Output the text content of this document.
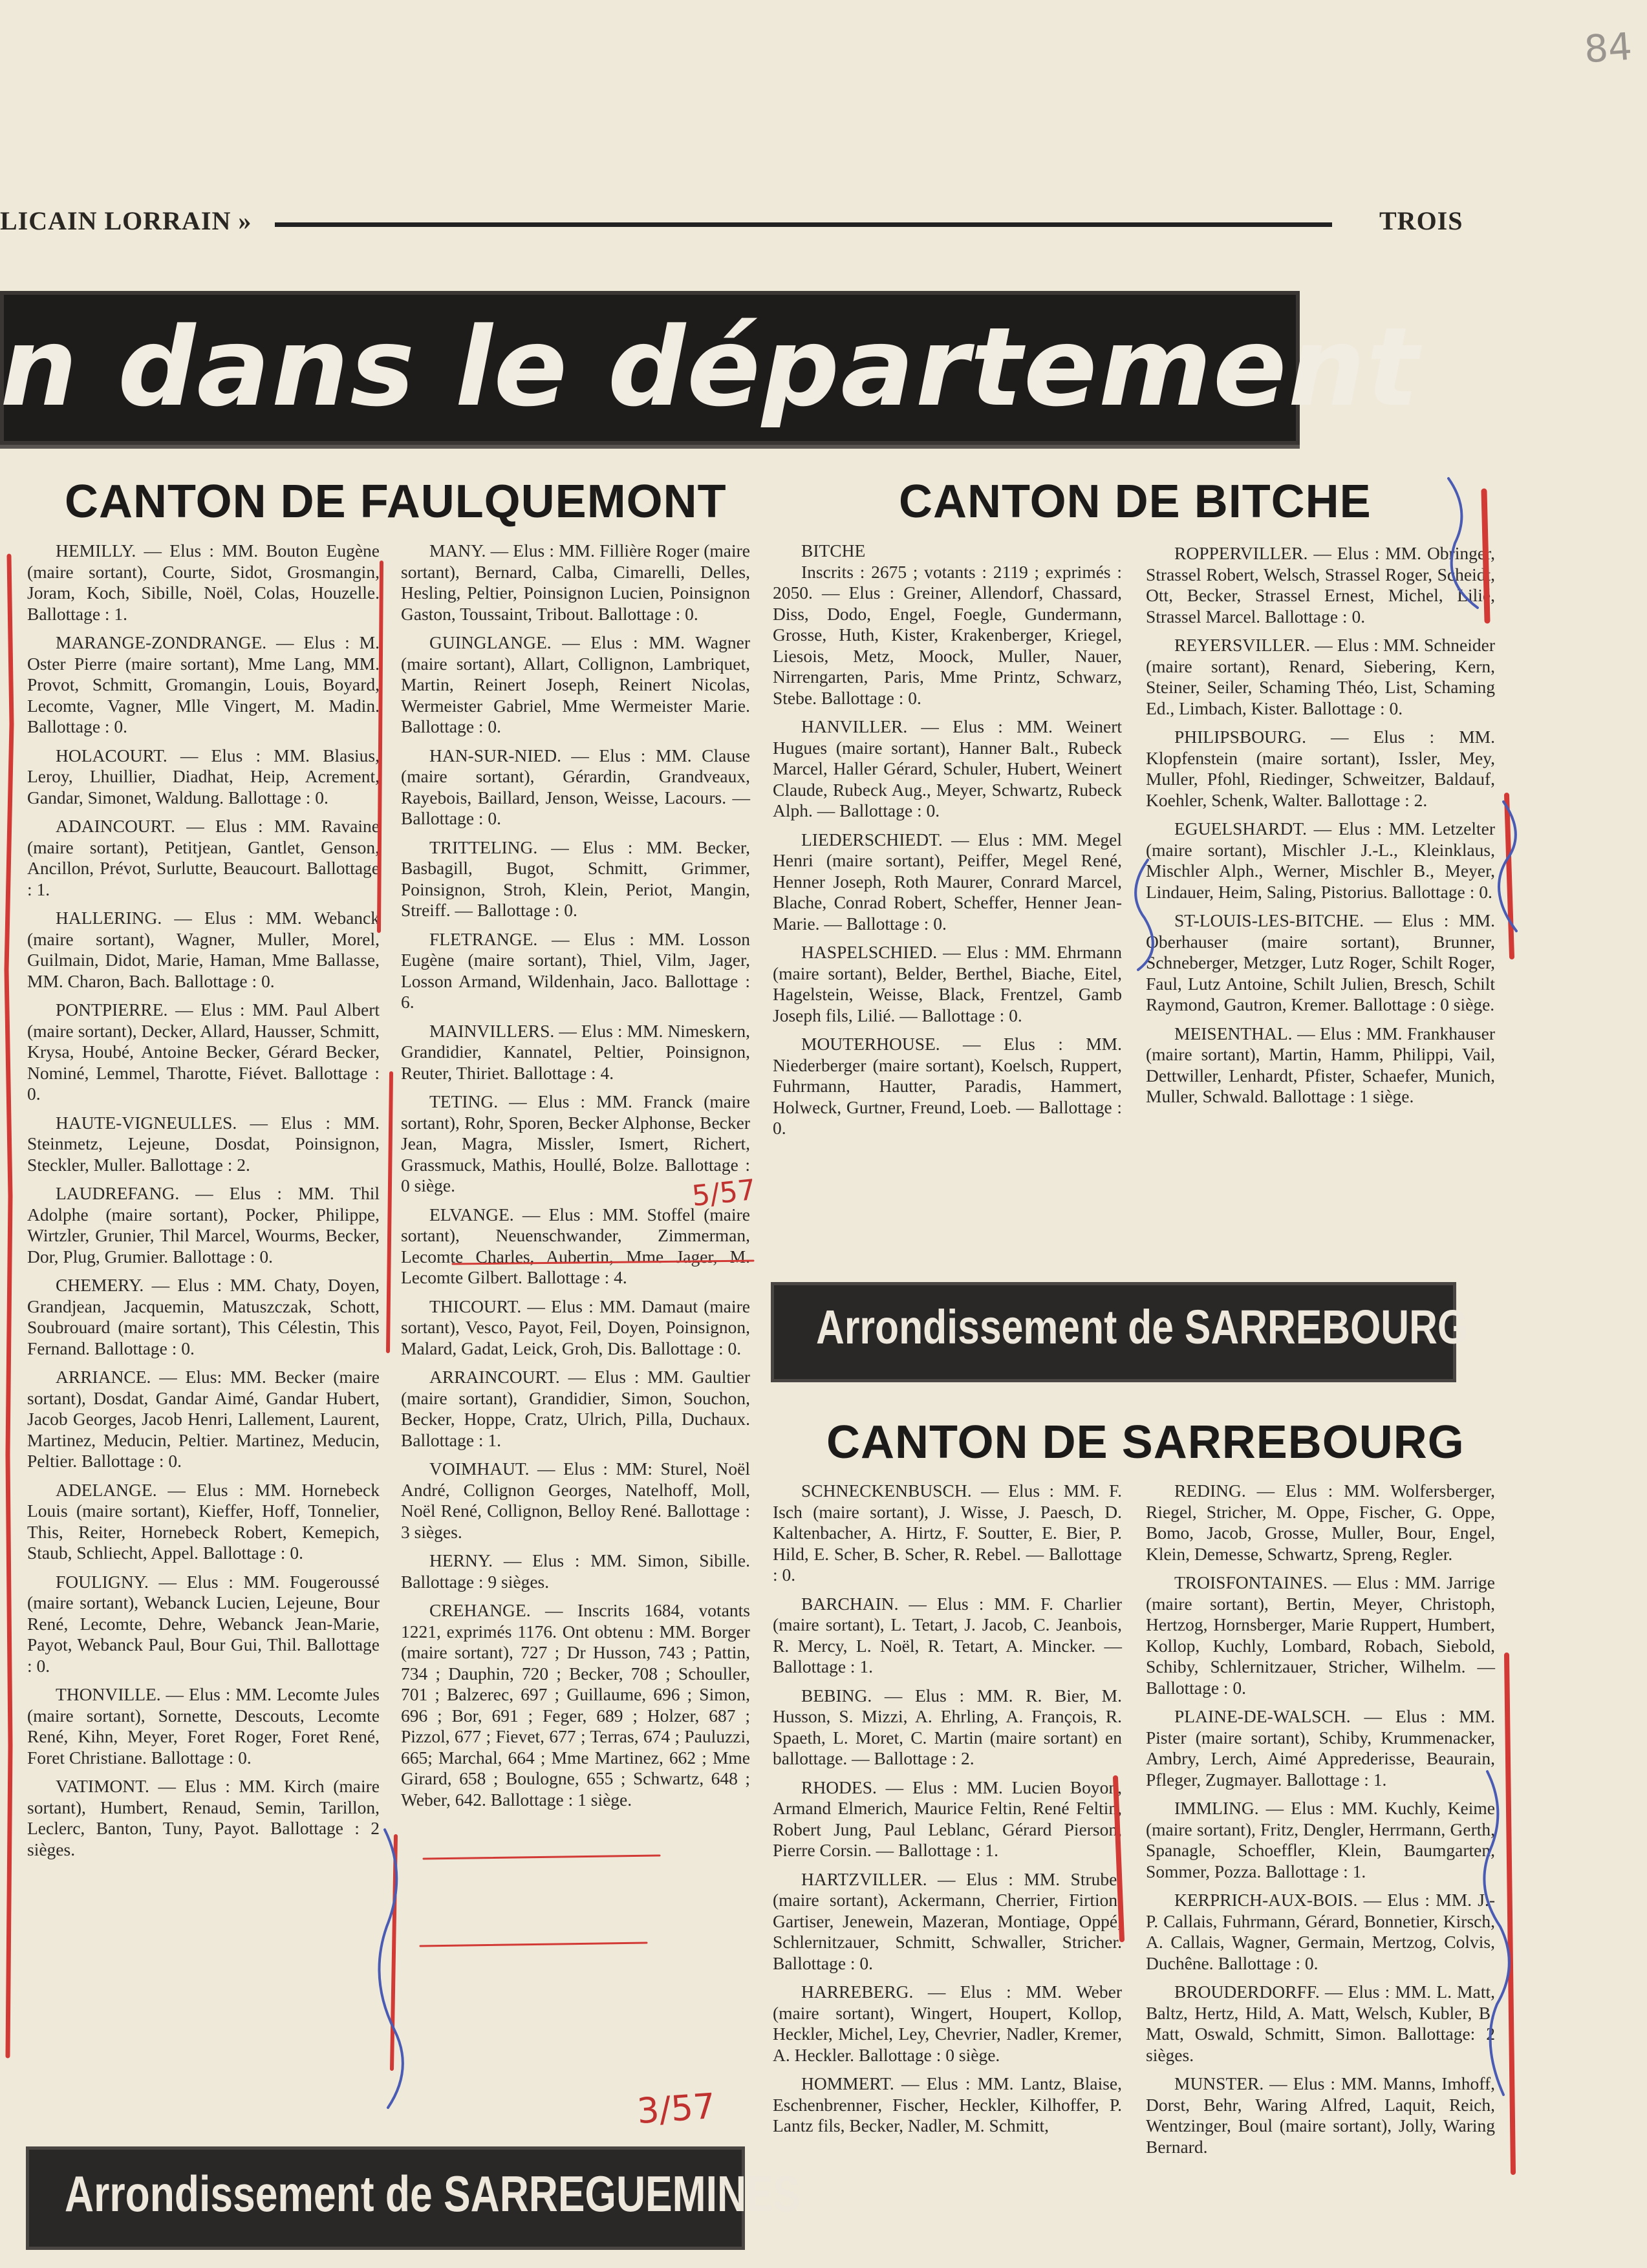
84
LICAIN LORRAIN »	TROIS
n dans le département
CANTON DE FAULQUEMONT	CANTON DE BITCHE

HEMILLY. — Elus : MM. Bouton Eugène (maire sortant), Courte, Sidot, Grosmangin, Joram, Koch, Sibille, Noël, Colas, Houzelle. Ballottage : 1.

MARANGE-ZONDRANGE. — Elus : M. Oster Pierre (maire sortant), Mme Lang, MM. Provot, Schmitt, Gromangin, Louis, Boyard, Lecomte, Vagner, Mlle Vingert, M. Madin. Ballottage : 0.

HOLACOURT. — Elus : MM. Blasius, Leroy, Lhuillier, Diadhat, Heip, Acrement, Gandar, Simonet, Waldung. Ballottage : 0.

ADAINCOURT. — Elus : MM. Ravaine (maire sortant), Petitjean, Gantlet, Genson, Ancillon, Prévot, Surlutte, Beaucourt. Ballottage : 1.

HALLERING. — Elus : MM. Webanck (maire sortant), Wagner, Muller, Morel, Guilmain, Didot, Marie, Haman, Mme Ballasse, MM. Charon, Bach. Ballottage : 0.

PONTPIERRE. — Elus : MM. Paul Albert (maire sortant), Decker, Allard, Hausser, Schmitt, Krysa, Houbé, Antoine Becker, Gérard Becker, Nominé, Lemmel, Tharotte, Fiévet. Ballottage : 0.

HAUTE-VIGNEULLES. — Elus : MM. Steinmetz, Lejeune, Dosdat, Poinsignon, Steckler, Muller. Ballottage : 2.

LAUDREFANG. — Elus : MM. Thil Adolphe (maire sortant), Pocker, Philippe, Wirtzler, Grunier, Thil Marcel, Wourms, Becker, Dor, Plug, Grumier. Ballottage : 0.

CHEMERY. — Elus : MM. Chaty, Doyen, Grandjean, Jacquemin, Matuszczak, Schott, Soubrouard (maire sortant), This Célestin, This Fernand. Ballottage : 0.

ARRIANCE. — Elus: MM. Becker (maire sortant), Dosdat, Gandar Aimé, Gandar Hubert, Jacob Georges, Jacob Henri, Lallement, Laurent, Martinez, Meducin, Peltier. Martinez, Meducin, Peltier. Ballottage : 0.

ADELANGE. — Elus : MM. Hornebeck Louis (maire sortant), Kieffer, Hoff, Tonnelier, This, Reiter, Hornebeck Robert, Kemepich, Staub, Schliecht, Appel. Ballottage : 0.

FOULIGNY. — Elus : MM. Fougeroussé (maire sortant), Webanck Lucien, Lejeune, Bour René, Lecomte, Dehre, Webanck Jean-Marie, Payot, Webanck Paul, Bour Gui, Thil. Ballottage : 0.

THONVILLE. — Elus : MM. Lecomte Jules (maire sortant), Sornette, Descouts, Lecomte René, Kihn, Meyer, Foret Roger, Foret René, Foret Christiane. Ballottage : 0.

VATIMONT. — Elus : MM. Kirch (maire sortant), Humbert, Renaud, Semin, Tarillon, Leclerc, Banton, Tuny, Payot. Ballottage : 2 sièges.

MANY. — Elus : MM. Fillière Roger (maire sortant), Bernard, Calba, Cimarelli, Delles, Hesling, Peltier, Poinsignon Lucien, Poinsignon Gaston, Toussaint, Tribout. Ballottage : 0.

GUINGLANGE. — Elus : MM. Wagner (maire sortant), Allart, Collignon, Lambriquet, Martin, Reinert Joseph, Reinert Nicolas, Wermeister Gabriel, Mme Wermeister Marie. Ballottage : 0.

HAN-SUR-NIED. — Elus : MM. Clause (maire sortant), Gérardin, Grandveaux, Rayebois, Baillard, Jenson, Weisse, Lacours. — Ballottage : 0.

TRITTELING. — Elus : MM. Becker, Basbagill, Bugot, Schmitt, Grimmer, Poinsignon, Stroh, Klein, Periot, Mangin, Streiff. — Ballottage : 0.

FLETRANGE. — Elus : MM. Losson Eugène (maire sortant), Thiel, Vilm, Jager, Losson Armand, Wildenhain, Jaco. Ballottage : 6.

MAINVILLERS. — Elus : MM. Nimeskern, Grandidier, Kannatel, Peltier, Poinsignon, Reuter, Thiriet. Ballottage : 4.

TETING. — Elus : MM. Franck (maire sortant), Rohr, Sporen, Becker Alphonse, Becker Jean, Magra, Missler, Ismert, Richert, Grassmuck, Mathis, Houllé, Bolze. Ballottage : 0 siège.

ELVANGE. — Elus : MM. Stoffel (maire sortant), Neuenschwander, Zimmerman, Lecomte Charles, Aubertin, Mme Jager, M. Lecomte Gilbert. Ballottage : 4.

THICOURT. — Elus : MM. Damaut (maire sortant), Vesco, Payot, Feil, Doyen, Poinsignon, Malard, Gadat, Leick, Groh, Dis. Ballottage : 0.

ARRAINCOURT. — Elus : MM. Gaultier (maire sortant), Grandidier, Simon, Souchon, Becker, Hoppe, Cratz, Ulrich, Pilla, Duchaux. Ballottage : 1.

VOIMHAUT. — Elus : MM: Sturel, Noël André, Collignon Georges, Natelhoff, Moll, Noël René, Collignon, Belloy René. Ballottage : 3 sièges.

HERNY. — Elus : MM. Simon, Sibille. Ballottage : 9 sièges.

CREHANGE. — Inscrits 1684, votants 1221, exprimés 1176. Ont obtenu : MM. Borger (maire sortant), 727 ; Dr Husson, 743 ; Pattin, 734 ; Dauphin, 720 ; Becker, 708 ; Schouller, 701 ; Balzerec, 697 ; Guillaume, 696 ; Simon, 696 ; Bor, 691 ; Feger, 689 ; Holzer, 687 ; Pizzol, 677 ; Fievet, 677 ; Terras, 674 ; Pauluzzi, 665; Marchal, 664 ; Mme Martinez, 662 ; Mme Girard, 658 ; Boulogne, 655 ; Schwartz, 648 ; Weber, 642. Ballottage : 1 siège.

BITCHE

Inscrits : 2675 ; votants : 2119 ; exprimés : 2050. — Elus : Greiner, Allendorf, Chassard, Diss, Dodo, Engel, Foegle, Gundermann, Grosse, Huth, Kister, Krakenberger, Kriegel, Liesois, Metz, Moock, Muller, Nauer, Nirrengarten, Paris, Mme Printz, Schwarz, Stebe. Ballottage : 0.

HANVILLER. — Elus : MM. Weinert Hugues (maire sortant), Hanner Balt., Rubeck Marcel, Haller Gérard, Schuler, Hubert, Weinert Claude, Rubeck Aug., Meyer, Schwartz, Rubeck Alph. — Ballottage : 0.

LIEDERSCHIEDT. — Elus : MM. Megel Henri (maire sortant), Peiffer, Megel René, Henner Joseph, Roth Maurer, Conrard Marcel, Blache, Conrad Robert, Scheffer, Henner Jean-Marie. — Ballottage : 0.

HASPELSCHIED. — Elus : MM. Ehrmann (maire sortant), Belder, Berthel, Biache, Eitel, Hagelstein, Weisse, Black, Frentzel, Gamb Joseph fils, Lilié. — Ballottage : 0.

MOUTERHOUSE. — Elus : MM. Niederberger (maire sortant), Koelsch, Ruppert, Fuhrmann, Hautter, Paradis, Hammert, Holweck, Gurtner, Freund, Loeb. — Ballottage : 0.

ROPPERVILLER. — Elus : MM. Obringer, Strassel Robert, Welsch, Strassel Roger, Scheidt, Ott, Becker, Strassel Ernest, Michel, Lilié, Strassel Marcel. Ballottage : 0.

REYERSVILLER. — Elus : MM. Schneider (maire sortant), Renard, Siebering, Kern, Steiner, Seiler, Schaming Théo, List, Schaming Ed., Limbach, Kister. Ballottage : 0.

PHILIPSBOURG. — Elus : MM. Klopfenstein (maire sortant), Issler, Mey, Muller, Pfohl, Riedinger, Schweitzer, Baldauf, Koehler, Schenk, Walter. Ballottage : 2.

EGUELSHARDT. — Elus : MM. Letzelter (maire sortant), Mischler J.-L., Kleinklaus, Mischler Alph., Werner, Mischler B., Meyer, Lindauer, Heim, Saling, Pistorius. Ballottage : 0.

ST-LOUIS-LES-BITCHE. — Elus : MM. Oberhauser (maire sortant), Brunner, Schneberger, Metzger, Lutz Roger, Schilt Roger, Faul, Lutz Antoine, Schilt Julien, Bresch, Schilt Raymond, Gautron, Kremer. Ballottage : 0 siège.

MEISENTHAL. — Elus : MM. Frankhauser (maire sortant), Martin, Hamm, Philippi, Vail, Dettwiller, Lenhardt, Pfister, Schaefer, Munich, Muller, Schwald. Ballottage : 1 siège.

Arrondissement de SARREBOURG
CANTON DE SARREBOURG

SCHNECKENBUSCH. — Elus : MM. F. Isch (maire sortant), J. Wisse, J. Paesch, D. Kaltenbacher, A. Hirtz, F. Soutter, E. Bier, P. Hild, E. Scher, B. Scher, R. Rebel. — Ballottage : 0.

BARCHAIN. — Elus : MM. F. Charlier (maire sortant), L. Tetart, J. Jacob, C. Jeanbois, R. Mercy, L. Noël, R. Tetart, A. Mincker. — Ballottage : 1.

BEBING. — Elus : MM. R. Bier, M. Husson, S. Mizzi, A. Ehrling, A. François, R. Spaeth, L. Moret, C. Martin (maire sortant) en ballottage. — Ballottage : 2.

RHODES. — Elus : MM. Lucien Boyon, Armand Elmerich, Maurice Feltin, René Feltin, Robert Jung, Paul Leblanc, Gérard Pierson, Pierre Corsin. — Ballottage : 1.

HARTZVILLER. — Elus : MM. Strubel (maire sortant), Ackermann, Cherrier, Firtion, Gartiser, Jenewein, Mazeran, Montiage, Oppé, Schlernitzauer, Schmitt, Schwaller, Stricher. Ballottage : 0.

HARREBERG. — Elus : MM. Weber (maire sortant), Wingert, Houpert, Kollop, Heckler, Michel, Ley, Chevrier, Nadler, Kremer, A. Heckler. Ballottage : 0 siège.

HOMMERT. — Elus : MM. Lantz, Blaise, Eschenbrenner, Fischer, Heckler, Kilhoffer, P. Lantz fils, Becker, Nadler, M. Schmitt,

REDING. — Elus : MM. Wolfersberger, Riegel, Stricher, M. Oppe, Fischer, G. Oppe, Bomo, Jacob, Grosse, Muller, Bour, Engel, Klein, Demesse, Schwartz, Spreng, Regler.

TROISFONTAINES. — Elus : MM. Jarrige (maire sortant), Bertin, Meyer, Christoph, Hertzog, Hornsberger, Marie Ruppert, Humbert, Kollop, Kuchly, Lombard, Robach, Siebold, Schiby, Schlernitzauer, Stricher, Wilhelm. — Ballottage : 0.

PLAINE-DE-WALSCH. — Elus : MM. Pister (maire sortant), Schiby, Krummenacker, Ambry, Lerch, Aimé Apprederisse, Beaurain, Pfleger, Zugmayer. Ballottage : 1.

IMMLING. — Elus : MM. Kuchly, Keime (maire sortant), Fritz, Dengler, Herrmann, Gerth, Spanagle, Schoeffler, Klein, Baumgarten, Sommer, Pozza. Ballottage : 1.

KERPRICH-AUX-BOIS. — Elus : MM. J.-P. Callais, Fuhrmann, Gérard, Bonnetier, Kirsch, A. Callais, Wagner, Germain, Mertzog, Colvis, Duchêne. Ballottage : 0.

BROUDERDORFF. — Elus : MM. L. Matt, Baltz, Hertz, Hild, A. Matt, Welsch, Kubler, B. Matt, Oswald, Schmitt, Simon. Ballottage: 2 sièges.

MUNSTER. — Elus : MM. Manns, Imhoff, Dorst, Behr, Waring Alfred, Laquit, Reich, Wentzinger, Boul (maire sortant), Jolly, Waring Bernard.

Arrondissement de SARREGUEMINES
5/57
3/57
